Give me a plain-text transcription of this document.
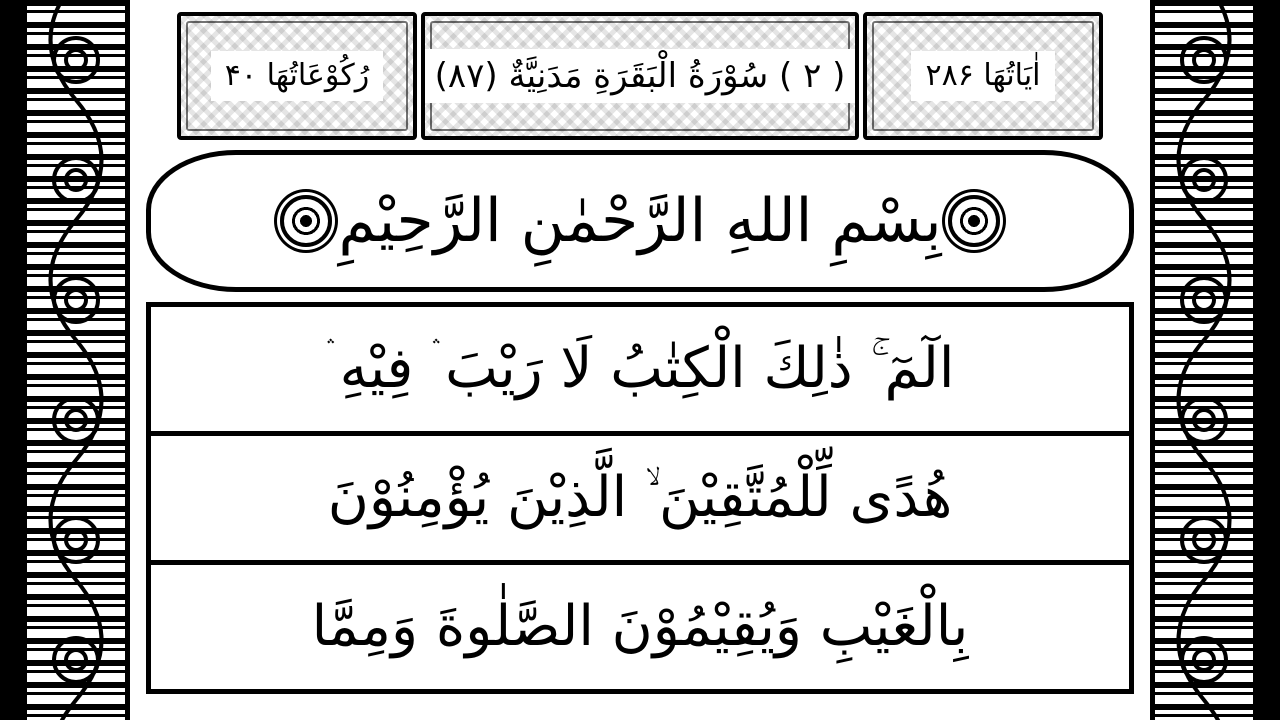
اٰیَاتُهَا ۲۸۶
( ۲ ) سُوْرَةُ الْبَقَرَةِ مَدَنِیَّةٌ (۸۷)
رُكُوْعَاتُهَا ۴۰
بِسْمِ اللهِ الرَّحْمٰنِ الرَّحِيْمِ
الٓمٓ ۚ ذٰلِكَ الْكِتٰبُ لَا رَيْبَ ۛ فِيْهِ ۛ
هُدًى لِّلْمُتَّقِيْنَ ۙ الَّذِيْنَ يُؤْمِنُوْنَ
بِالْغَيْبِ وَيُقِيْمُوْنَ الصَّلٰوةَ وَمِمَّا
